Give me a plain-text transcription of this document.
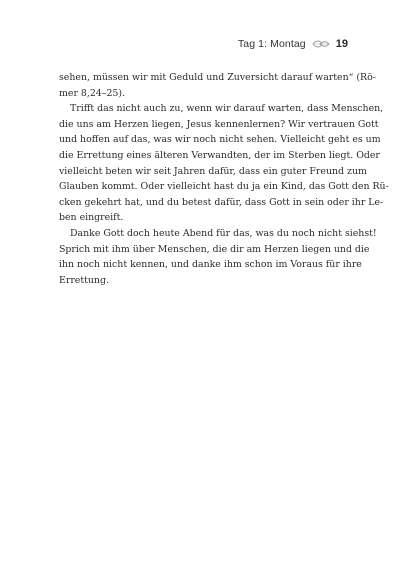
Tag 1: Montag	19

sehen, müssen wir mit Geduld und Zuversicht darauf warten“ (Rö-
mer 8,24–25).

Trifft das nicht auch zu, wenn wir darauf warten, dass Menschen,
die uns am Herzen liegen, Jesus kennenlernen? Wir vertrauen Gott
und hoffen auf das, was wir noch nicht sehen. Vielleicht geht es um
die Errettung eines älteren Verwandten, der im Sterben liegt. Oder
vielleicht beten wir seit Jahren dafür, dass ein guter Freund zum
Glauben kommt. Oder vielleicht hast du ja ein Kind, das Gott den Rü-
cken gekehrt hat, und du betest dafür, dass Gott in sein oder ihr Le-
ben eingreift.

Danke Gott doch heute Abend für das, was du noch nicht siehst!
Sprich mit ihm über Menschen, die dir am Herzen liegen und die
ihn noch nicht kennen, und danke ihm schon im Voraus für ihre
Errettung.
